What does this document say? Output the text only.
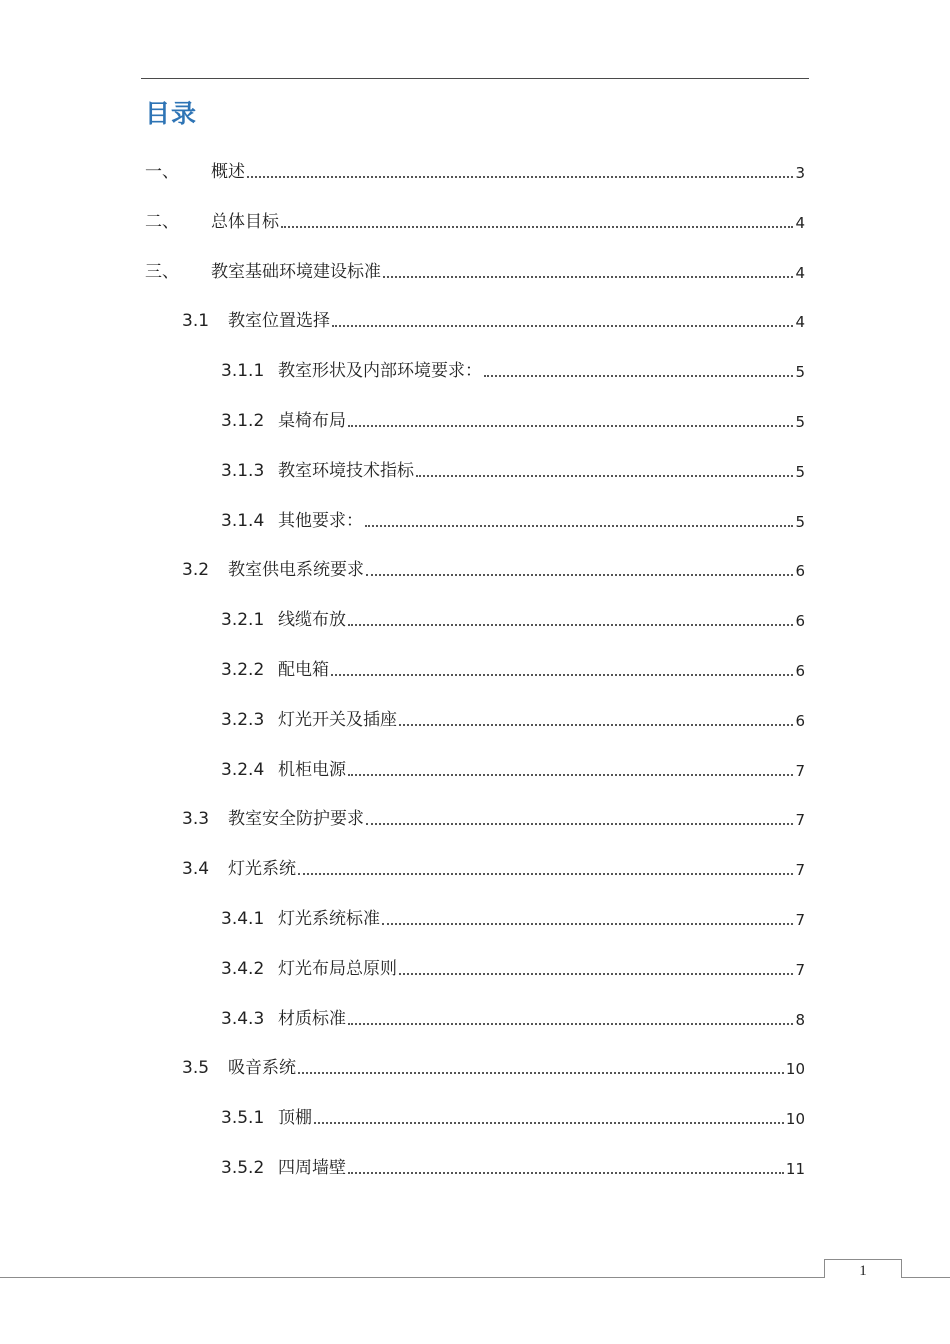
目录
一、	概述	3
二、	总体目标	4
三、	教室基础环境建设标准	4
3.1	教室位置选择	4
3.1.1 教室形状及内部环境要求：	5
3.1.2 桌椅布局	5
3.1.3 教室环境技术指标	5
3.1.4 其他要求：	5
3.2	教室供电系统要求	6
3.2.1 线缆布放	6
3.2.2 配电箱	6
3.2.3 灯光开关及插座	6
3.2.4 机柜电源	7
3.3	教室安全防护要求	7
3.4	灯光系统	7
3.4.1 灯光系统标准	7
3.4.2 灯光布局总原则	7
3.4.3 材质标准	8
3.5	吸音系统	10
3.5.1 顶棚	10
3.5.2 四周墙壁	11
1
